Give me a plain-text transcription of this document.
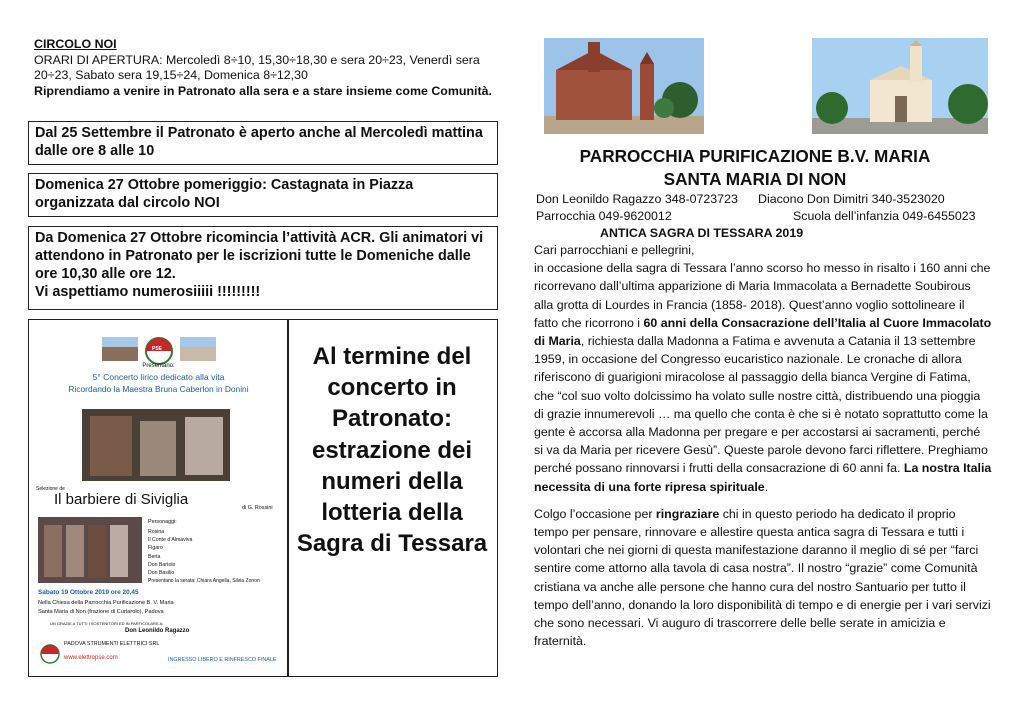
CIRCOLO NOI
ORARI DI APERTURA: Mercoledì 8÷10, 15,30÷18,30 e sera 20÷23, Venerdì sera 20÷23, Sabato sera 19,15÷24, Domenica 8÷12,30
Riprendiamo a venire in Patronato alla sera e a stare insieme come Comunità.
Dal 25 Settembre il Patronato è aperto anche al Mercoledì mattina dalle ore 8 alle 10
Domenica 27 Ottobre pomeriggio: Castagnata in Piazza organizzata dal circolo NOI
Da Domenica 27 Ottobre ricomincia l’attività ACR. Gli animatori vi attendono in Patronato per le iscrizioni tutte le Domeniche dalle ore 10,30 alle ore 12.
Vi aspettiamo numerosiiiii !!!!!!!!!
PSE
Presentano:
5° Concerto lirico dedicato alla vita
Ricordando la Maestra Bruna Caberlon in Donini
Selezione de
Il barbiere di Siviglia	di G. Rossini
Personaggi:
Rosina
Il Conte d’Almaviva
Figaro
Berta
Don Bartolo
Don Basilio
Presentano la serata: Chiara Angella, Silvia Zonon
Sabato 19 Ottobre 2019 ore 20,45
Nella Chiesa della Parrocchia Purificazione B. V. Maria
Santa Maria di Non (frazione di Curtarolo), Padova
UN GRAZIE A TUTTI I SOSTENITORI ED IN PARTICOLARE A:
Don Leonildo Ragazzo
PADOVA STRUMENTI ELETTRICI SRL
www.elettropse.com	INGRESSO LIBERO E RINFRESCO FINALE
Al termine del concerto in Patronato: estrazione dei numeri della lotteria della Sagra di Tessara
PARROCCHIA PURIFICAZIONE B.V. MARIA
SANTA MARIA DI NON
Don Leonildo Ragazzo 348-0723723 Diacono Don Dimitri 340-3523020
Parrocchia 049-9620012	Scuola dell’infanzia 049-6455023
ANTICA SAGRA DI TESSARA 2019

Cari parrocchiani e pellegrini,

in occasione della sagra di Tessara l’anno scorso ho messo in risalto i 160 anni che ricorrevano dall’ultima apparizione di Maria Immacolata a Bernadette Soubirous alla grotta di Lourdes in Francia (1858- 2018). Quest’anno voglio sottolineare il fatto che ricorrono i 60 anni della Consacrazione dell’Italia al Cuore Immacolato di Maria, richiesta dalla Madonna a Fatima e avvenuta a Catania il 13 settembre 1959, in occasione del Congresso eucaristico nazionale. Le cronache di allora riferiscono di guarigioni miracolose al passaggio della bianca Vergine di Fatima, che “col suo volto dolcissimo ha volato sulle nostre città, distribuendo una pioggia di grazie innumerevoli … ma quello che conta è che si è notato soprattutto come la gente è accorsa alla Madonna per pregare e per accostarsi ai sacramenti, perché si va da Maria per ricevere Gesù”. Queste parole devono farci riflettere. Preghiamo perché possano rinnovarsi i frutti della consacrazione di 60 anni fa. La nostra Italia necessita di una forte ripresa spirituale.

Colgo l’occasione per ringraziare chi in questo periodo ha dedicato il proprio tempo per pensare, rinnovare e allestire questa antica sagra di Tessara e tutti i volontari che nei giorni di questa manifestazione daranno il meglio di sé per “farci sentire come attorno alla tavola di casa nostra”. Il nostro “grazie” come Comunità cristiana va anche alle persone che hanno cura del nostro Santuario per tutto il tempo dell’anno, donando la loro disponibilità di tempo e di energie per i vari servizi che sono necessari. Vi auguro di trascorrere delle belle serate in amicizia e fraternità.
